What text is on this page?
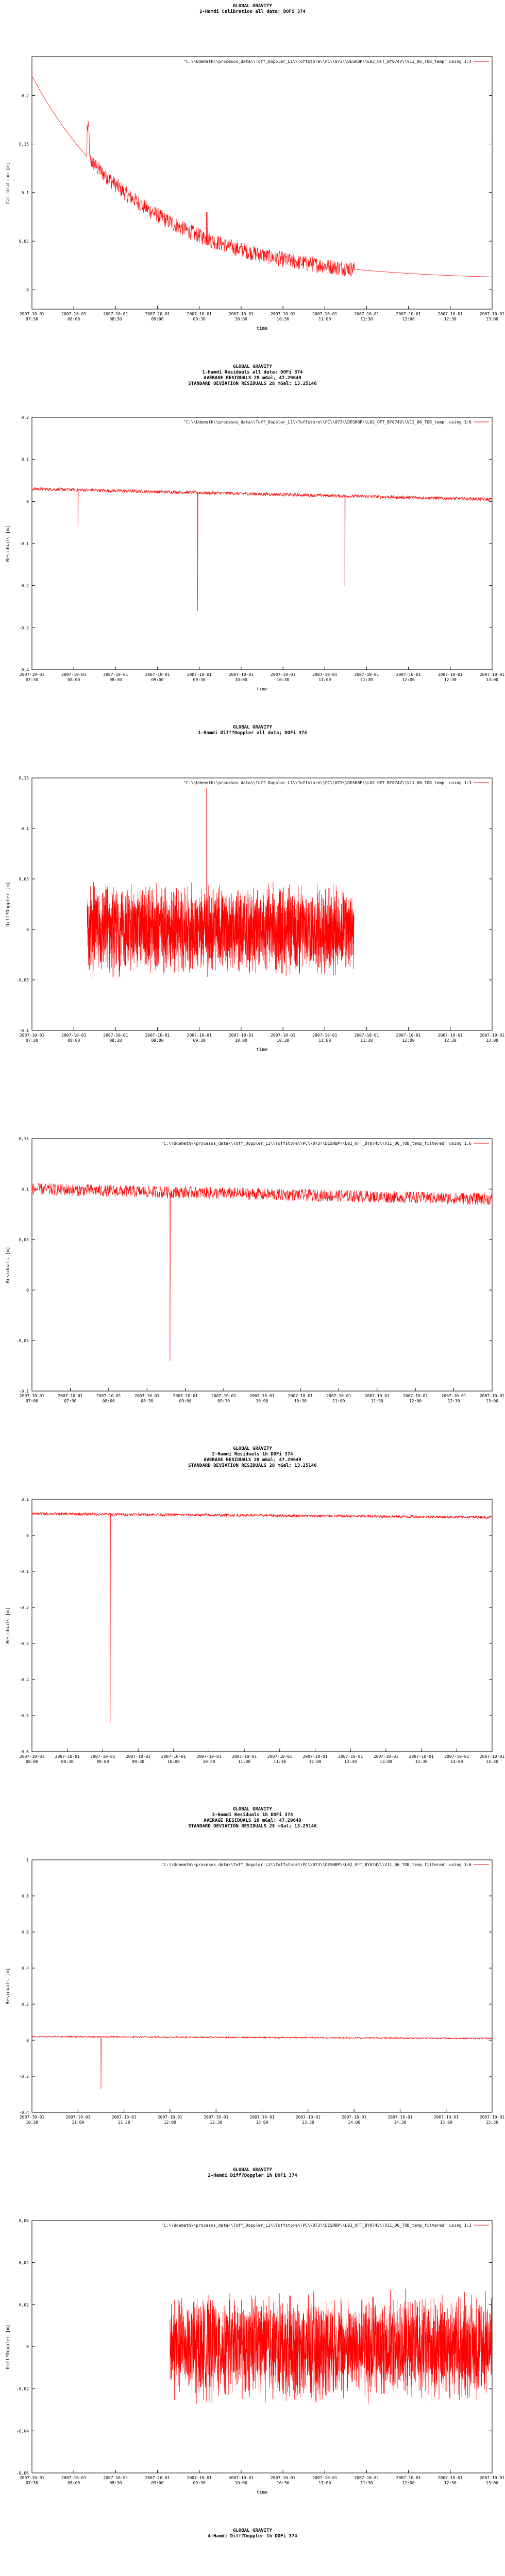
GLOBAL GRAVITY
1-Hamdi Calibration all data; DOFi 374
"C:\\Udemeth\\procesos_data\\Toff_Doppler_L1\\Toffstore\\PC\\073\\DESHBP\\L02_OFT_BY074V\\V11_06_TOB_temp" using 1:4
0
0,05
0,1
0,15
0,2
2007-10-01
07:30
2007-10-01
08:00
2007-10-01
08:30
2007-10-01
09:00
2007-10-01
09:30
2007-10-01
10:00
2007-10-01
10:30
2007-10-01
11:00
2007-10-01
11:30
2007-10-01
12:00
2007-10-01
12:30
2007-10-01
13:00
Calibration [m]
time
GLOBAL GRAVITY
1-Hamdi Residuals all data; DOFi 374
AVERAGE RESIDUALS 28 mGal; 47.29649
STANDARD DEVIATION RESIDUALS 28 mGal; 13.25146
"C:\\Udemeth\\procesos_data\\Toff_Doppler_L1\\Toffstore\\PC\\073\\DESHBP\\L02_OFT_BY074V\\V11_06_TOB_temp" using 1:6
-0,4
-0,3
-0,2
-0,1
0
0,1
0,2
2007-10-01
07:30
2007-10-01
08:00
2007-10-01
08:30
2007-10-01
09:00
2007-10-01
09:30
2007-10-01
10:00
2007-10-01
10:30
2007-10-01
11:00
2007-10-01
11:30
2007-10-01
12:00
2007-10-01
12:30
2007-10-01
13:00
Residuals [m]
time
GLOBAL GRAVITY
1-Hamdi Diff?Doppler all data; DOFi 374
"C:\\Udemeth\\procesos_data\\Toff_Doppler_L1\\Toffstore\\PC\\073\\DESHBP\\L02_OFT_BY074V\\V11_06_TOB_temp" using 1:3
-0,1
-0,05
0
0,05
0,1
0,15
2007-10-01
07:30
2007-10-01
08:00
2007-10-01
08:30
2007-10-01
09:00
2007-10-01
09:30
2007-10-01
10:00
2007-10-01
10:30
2007-10-01
11:00
2007-10-01
11:30
2007-10-01
12:00
2007-10-01
12:30
2007-10-01
13:00
Diff?Doppler [m]
time
"C:\\Udemeth\\procesos_data\\Toff_Doppler_L1\\Toffstore\\PC\\073\\DESHBP\\L02_OFT_BY074V\\V11_06_TOB_temp_filtered" using 1:6
-0,1
-0,05
0
0,05
0,1
0,15
2007-10-01
07:00
2007-10-01
07:30
2007-10-01
08:00
2007-10-01
08:30
2007-10-01
09:00
2007-10-01
09:30
2007-10-01
10:00
2007-10-01
10:30
2007-10-01
11:00
2007-10-01
11:30
2007-10-01
12:00
2007-10-01
12:30
2007-10-01
13:00
Residuals [m]
GLOBAL GRAVITY
2-Hamdi Residuals 1h DOFi 374
AVERAGE RESIDUALS 28 mGal; 47.29649
STANDARD DEVIATION RESIDUALS 28 mGal; 13.25146
-0,6
-0,5
-0,4
-0,3
-0,2
-0,1
0
0,1
2007-10-01
08:00
2007-10-01
08:30
2007-10-01
09:00
2007-10-01
09:30
2007-10-01
10:00
2007-10-01
10:30
2007-10-01
11:00
2007-10-01
11:30
2007-10-01
12:00
2007-10-01
12:30
2007-10-01
13:00
2007-10-01
13:30
2007-10-01
14:00
2007-10-01
14:30
Residuals [m]
GLOBAL GRAVITY
3-Hamdi Residuals 1h DOFi 374
AVERAGE RESIDUALS 28 mGal; 47.29649
STANDARD DEVIATION RESIDUALS 28 mGal; 13.25146
"C:\\Udemeth\\procesos_data\\Toff_Doppler_L1\\Toffstore\\PC\\073\\DESHBP\\L02_OFT_BY074V\\V11_06_TOB_temp_filtered" using 1:6
-0,4
-0,2
0
0,2
0,4
0,6
0,8
1
2007-10-01
10:30
2007-10-01
11:00
2007-10-01
11:30
2007-10-01
12:00
2007-10-01
12:30
2007-10-01
13:00
2007-10-01
13:30
2007-10-01
14:00
2007-10-01
14:30
2007-10-01
15:00
2007-10-01
15:30
Residuals [m]
GLOBAL GRAVITY
2-Hamdi Diff?Doppler 1h DOFi 374
"C:\\Udemeth\\procesos_data\\Toff_Doppler_L1\\Toffstore\\PC\\073\\DESHBP\\L02_OFT_BY074V\\V11_06_TOB_temp_filtered" using 1:3
-0,06
-0,04
-0,02
0
0,02
0,04
0,06
2007-10-01
07:30
2007-10-01
08:00
2007-10-01
08:30
2007-10-01
09:00
2007-10-01
09:30
2007-10-01
10:00
2007-10-01
10:30
2007-10-01
11:00
2007-10-01
11:30
2007-10-01
12:00
2007-10-01
12:30
2007-10-01
13:00
Diff?Doppler [m]
time
GLOBAL GRAVITY
4-Hamdi Diff?Doppler 1h DOFi 374
